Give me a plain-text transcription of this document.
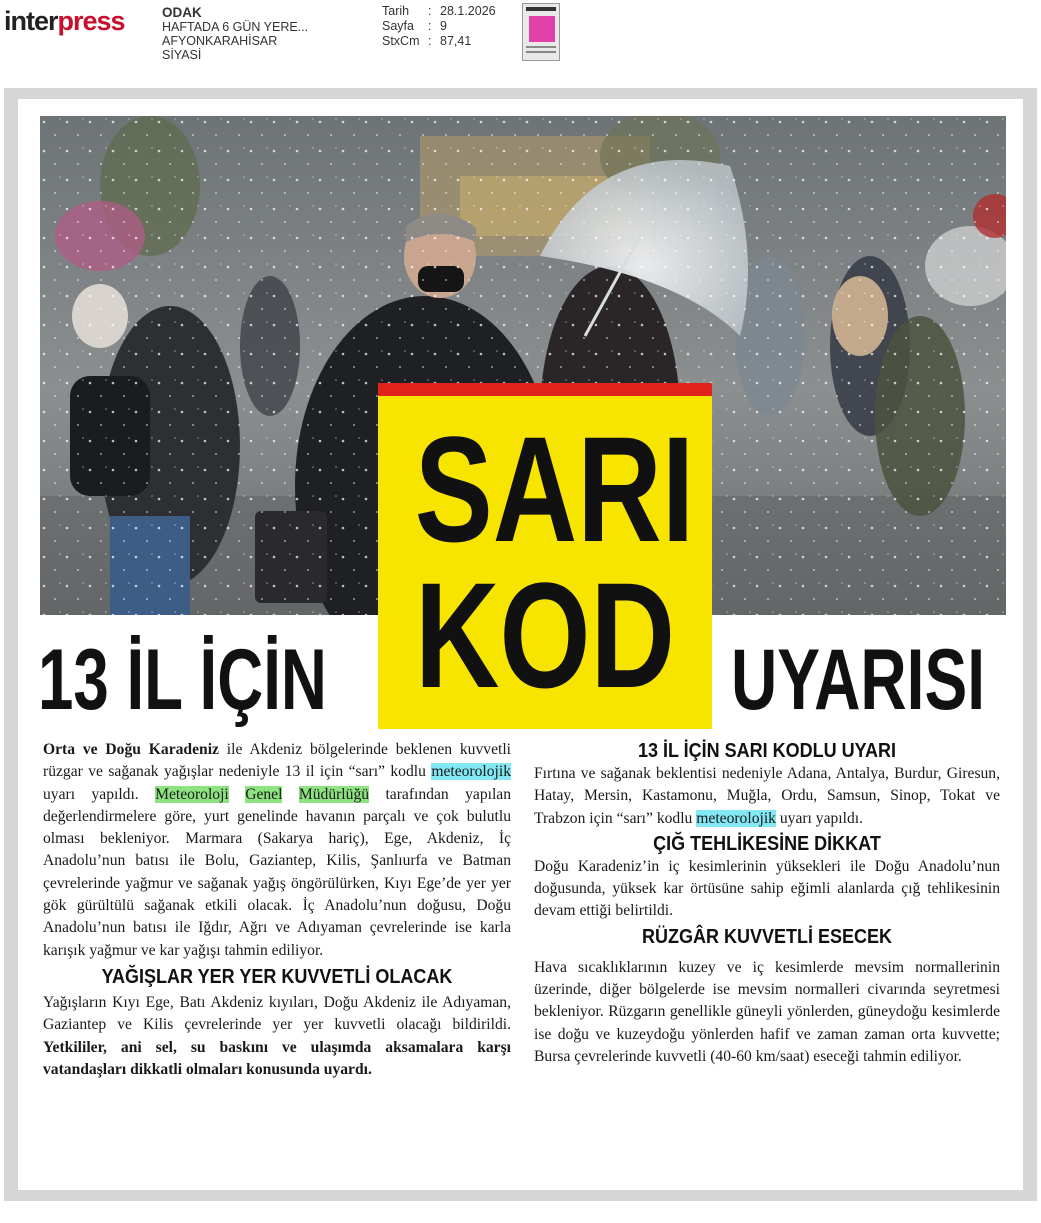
interpress	ODAK
HAFTADA 6 GÜN YERE...
AFYONKARAHİSAR
SİYASİ
Tarih	: 28.1.2026
Sayfa	: 9
StxCm : 87,41
13 İL İÇİN
SARI
KOD UYARISI

Orta ve Doğu Karadeniz ile Akdeniz bölgelerinde beklenen kuvvetli rüzgar ve sağanak yağışlar nedeniyle 13 il için “sarı” kodlu meteorolojik uyarı yapıldı. Meteoroloji Genel Müdürlüğü tarafından yapılan değerlendirmelere göre, yurt genelinde havanın parçalı ve çok bulutlu olması bekleniyor. Marmara (Sakarya hariç), Ege, Akdeniz, İç Anadolu’nun batısı ile Bolu, Gaziantep, Kilis, Şanlıurfa ve Batman çevrelerinde yağmur ve sağanak yağış öngörülürken, Kıyı Ege’de yer yer gök gürültülü sağanak etkili olacak. İç Anadolu’nun doğusu, Doğu Anadolu’nun batısı ile Iğdır, Ağrı ve Adıyaman çevrelerinde ise karla karışık yağmur ve kar yağışı tahmin ediliyor.

YAĞIŞLAR YER YER KUVVETLİ OLACAK

Yağışların Kıyı Ege, Batı Akdeniz kıyıları, Doğu Akdeniz ile Adıyaman, Gaziantep ve Kilis çevrelerinde yer yer kuvvetli olacağı bildirildi. Yetkililer, ani sel, su baskını ve ulaşımda aksamalara karşı vatandaşları dikkatli olmaları konusunda uyardı.

13 İL İÇİN SARI KODLU UYARI

Fırtına ve sağanak beklentisi nedeniyle Adana, Antalya, Burdur, Giresun, Hatay, Mersin, Kastamonu, Muğla, Ordu, Samsun, Sinop, Tokat ve Trabzon için “sarı” kodlu meteorolojik uyarı yapıldı.

ÇIĞ TEHLİKESİNE DİKKAT

Doğu Karadeniz’in iç kesimlerinin yüksekleri ile Doğu Anadolu’nun doğusunda, yüksek kar örtüsüne sahip eğimli alanlarda çığ tehlikesinin devam ettiği belirtildi.

RÜZGÂR KUVVETLİ ESECEK

Hava sıcaklıklarının kuzey ve iç kesimlerde mevsim normallerinin üzerinde, diğer bölgelerde ise mevsim normalleri civarında seyretmesi bekleniyor. Rüzgarın genellikle güneyli yönlerden, güneydoğu kesimlerde ise doğu ve kuzeydoğu yönlerden hafif ve zaman zaman orta kuvvette; Bursa çevrelerinde kuvvetli (40-60 km/saat) eseceği tahmin ediliyor.
